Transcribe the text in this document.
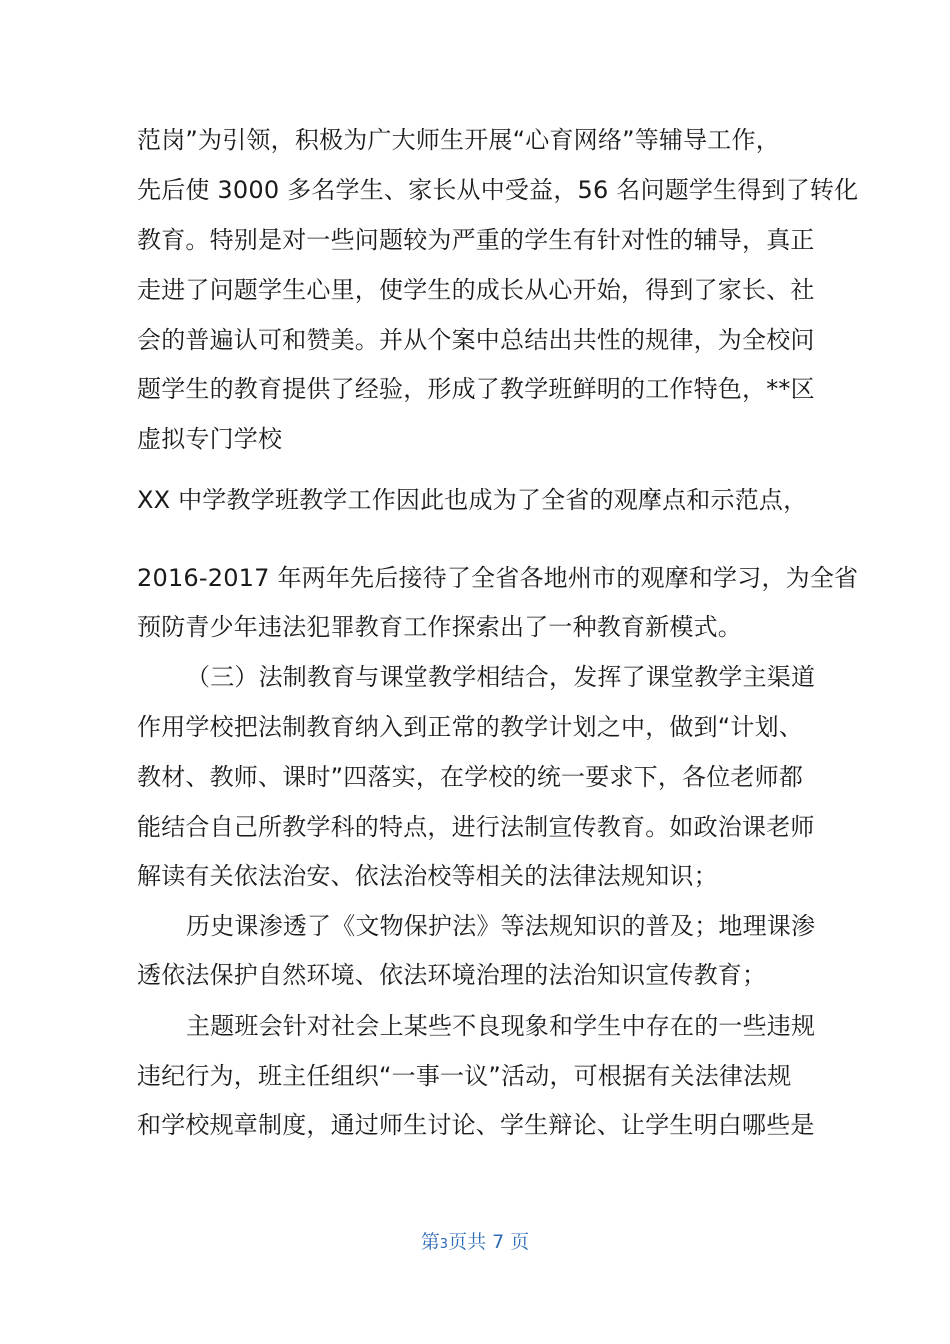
范岗”为引领，积极为广大师生开展“心育网络”等辅导工作，
先后使 3000 多名学生、家长从中受益，56 名问题学生得到了转化
教育。特别是对一些问题较为严重的学生有针对性的辅导，真正
走进了问题学生心里，使学生的成长从心开始，得到了家长、社
会的普遍认可和赞美。并从个案中总结出共性的规律，为全校问
题学生的教育提供了经验，形成了教学班鲜明的工作特色，**区
虚拟专门学校
XX 中学教学班教学工作因此也成为了全省的观摩点和示范点，
2016-2017 年两年先后接待了全省各地州市的观摩和学习，为全省
预防青少年违法犯罪教育工作探索出了一种教育新模式。
（三）法制教育与课堂教学相结合，发挥了课堂教学主渠道
作用学校把法制教育纳入到正常的教学计划之中，做到“计划、
教材、教师、课时”四落实，在学校的统一要求下，各位老师都
能结合自己所教学科的特点，进行法制宣传教育。如政治课老师
解读有关依法治安、依法治校等相关的法律法规知识；
历史课渗透了《文物保护法》等法规知识的普及；地理课渗
透依法保护自然环境、依法环境治理的法治知识宣传教育；
主题班会针对社会上某些不良现象和学生中存在的一些违规
违纪行为，班主任组织“一事一议”活动，可根据有关法律法规
和学校规章制度，通过师生讨论、学生辩论、让学生明白哪些是
第3页共 7 页
